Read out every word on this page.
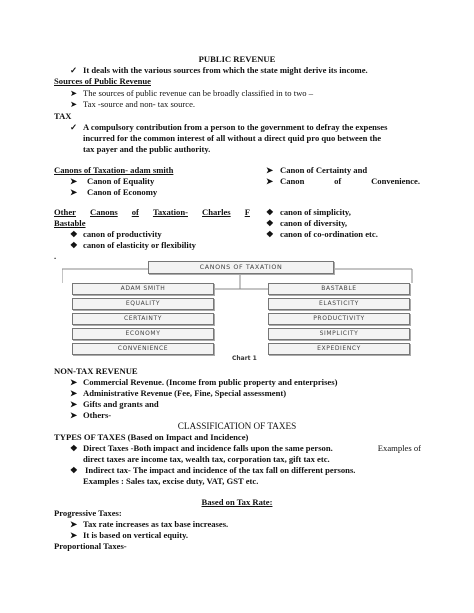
PUBLIC REVENUE
✓ It deals with the various sources from which the state might derive its income.
Sources of Public Revenue
➤ The sources of public revenue can be broadly classified in to two –
➤ Tax -source and non- tax source.
TAX
✓ A compulsory contribution from a person to the government to defray the expenses
incurred for the common interest of all without a direct quid pro quo between the
tax payer and the public authority.
Canons of Taxation- adam smith
➤ Canon of Equality
➤ Canon of Economy
➤ Canon of Certainty and
➤ Canon	of	Convenience.
Other Canons of Taxation- Charles F
Bastable
❖ canon of productivity
❖ canon of elasticity or flexibility
❖ canon of simplicity,
❖ canon of diversity,
❖ canon of co-ordination etc.
.
CANONS OF TAXATION
ADAM SMITH
EQUALITY
CERTAINTY
ECONOMY
CONVENIENCE
BASTABLE
ELASTICITY
PRODUCTIVITY
SIMPLICITY
EXPEDIENCY
Chart 1
NON-TAX REVENUE
➤ Commercial Revenue. (Income from public property and enterprises)
➤ Administrative Revenue (Fee, Fine, Special assessment)
➤ Gifts and grants and
➤ Others-
CLASSIFICATION OF TAXES
TYPES OF TAXES (Based on Impact and Incidence)
❖ Direct Taxes -Both impact and incidence falls upon the same person.	Examples of
direct taxes are income tax, wealth tax, corporation tax, gift tax etc.
❖ Indirect tax- The impact and incidence of the tax fall on different persons.
Examples : Sales tax, excise duty, VAT, GST etc.
Based on Tax Rate:
Progressive Taxes:
➤ Tax rate increases as tax base increases.
➤ It is based on vertical equity.
Proportional Taxes-
